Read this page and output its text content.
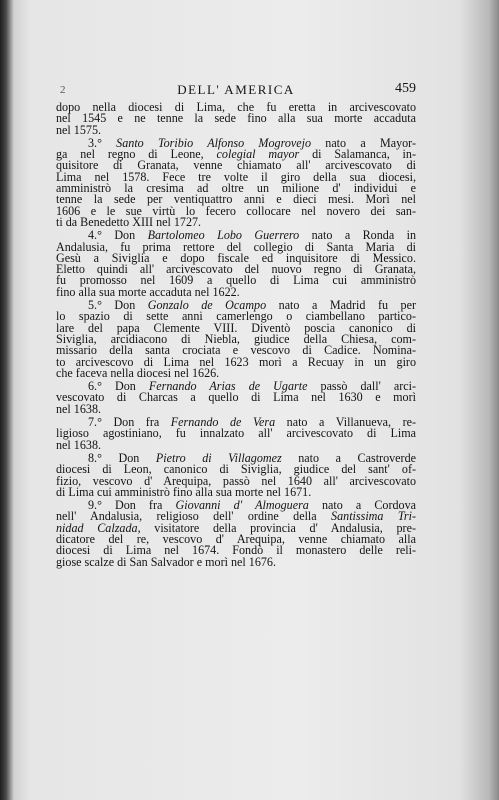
2	DELL' AMERICA	459

dopo nella diocesi di Lima, che fu eretta in arcivescovato
nel 1545 e ne tenne la sede fino alla sua morte accaduta
nel 1575.

3.° Santo Toribio Alfonso Mogrovejo nato a Mayor-
ga nel regno di Leone, colegial mayor di Salamanca, in-
quisitore di Granata, venne chiamato all' arcivescovato di
Lima nel 1578. Fece tre volte il giro della sua diocesi,
amministrò la cresima ad oltre un milione d' individui e
tenne la sede per ventiquattro anni e dieci mesi. Morì nel
1606 e le sue virtù lo fecero collocare nel novero dei san-
ti da Benedetto XIII nel 1727.

4.° Don Bartolomeo Lobo Guerrero nato a Ronda in
Andalusia, fu prima rettore del collegio di Santa Maria di
Gesù a Siviglia e dopo fiscale ed inquisitore di Messico.
Eletto quindi all' arcivescovato del nuovo regno di Granata,
fu promosso nel 1609 a quello di Lima cui amministrò
fino alla sua morte accaduta nel 1622.

5.° Don Gonzalo de Ocampo nato a Madrid fu per
lo spazio di sette anni camerlengo o ciambellano partico-
lare del papa Clemente VIII. Diventò poscia canonico di
Siviglia, arcidiacono di Niebla, giudice della Chiesa, com-
missario della santa crociata e vescovo di Cadice. Nomina-
to arcivescovo di Lima nel 1623 morì a Recuay in un giro
che faceva nella diocesi nel 1626.

6.° Don Fernando Arias de Ugarte passò dall' arci-
vescovato di Charcas a quello di Lima nel 1630 e morì
nel 1638.

7.° Don fra Fernando de Vera nato a Villanueva, re-
ligioso agostiniano, fu innalzato all' arcivescovato di Lima
nel 1638.

8.° Don Pietro di Villagomez nato a Castroverde
diocesi di Leon, canonico di Siviglia, giudice del sant' of-
fizio, vescovo d' Arequipa, passò nel 1640 all' arcivescovato
di Lima cui amministrò fino alla sua morte nel 1671.

9.° Don fra Giovanni d' Almoguera nato a Cordova
nell' Andalusia, religioso dell' ordine della Santissima Tri-
nidad Calzada, visitatore della provincia d' Andalusia, pre-
dicatore del re, vescovo d' Arequipa, venne chiamato alla
diocesi di Lima nel 1674. Fondò il monastero delle reli-
giose scalze di San Salvador e morì nel 1676.
